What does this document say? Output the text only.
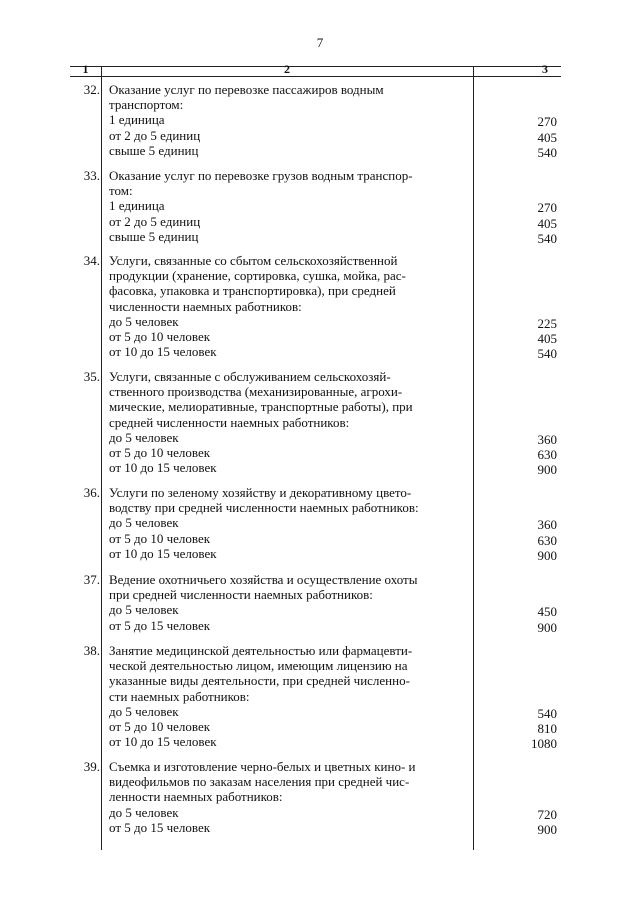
7
1	2	3
32. Оказание услуг по перевозке пассажиров водным
транспортом:
1 единица
от 2 до 5 единиц
свыше 5 единиц
270
405
540
33. Оказание услуг по перевозке грузов водным транспор-
том:
1 единица
от 2 до 5 единиц
свыше 5 единиц
270
405
540
34. Услуги, связанные со сбытом сельскохозяйственной
продукции (хранение, сортировка, сушка, мойка, рас-
фасовка, упаковка и транспортировка), при средней
численности наемных работников:
до 5 человек
от 5 до 10 человек
от 10 до 15 человек
225
405
540
35. Услуги, связанные с обслуживанием сельскохозяй-
ственного производства (механизированные, агрохи-
мические, мелиоративные, транспортные работы), при
средней численности наемных работников:
до 5 человек
от 5 до 10 человек
от 10 до 15 человек
360
630
900
36. Услуги по зеленому хозяйству и декоративному цвето-
водству при средней численности наемных работников:
до 5 человек
от 5 до 10 человек
от 10 до 15 человек
360
630
900
37. Ведение охотничьего хозяйства и осуществление охоты
при средней численности наемных работников:
до 5 человек
от 5 до 15 человек
450
900
38. Занятие медицинской деятельностью или фармацевти-
ческой деятельностью лицом, имеющим лицензию на
указанные виды деятельности, при средней численно-
сти наемных работников:
до 5 человек
от 5 до 10 человек
от 10 до 15 человек
540
810
1080
39. Съемка и изготовление черно-белых и цветных кино- и
видеофильмов по заказам населения при средней чис-
ленности наемных работников:
до 5 человек
от 5 до 15 человек
720
900
